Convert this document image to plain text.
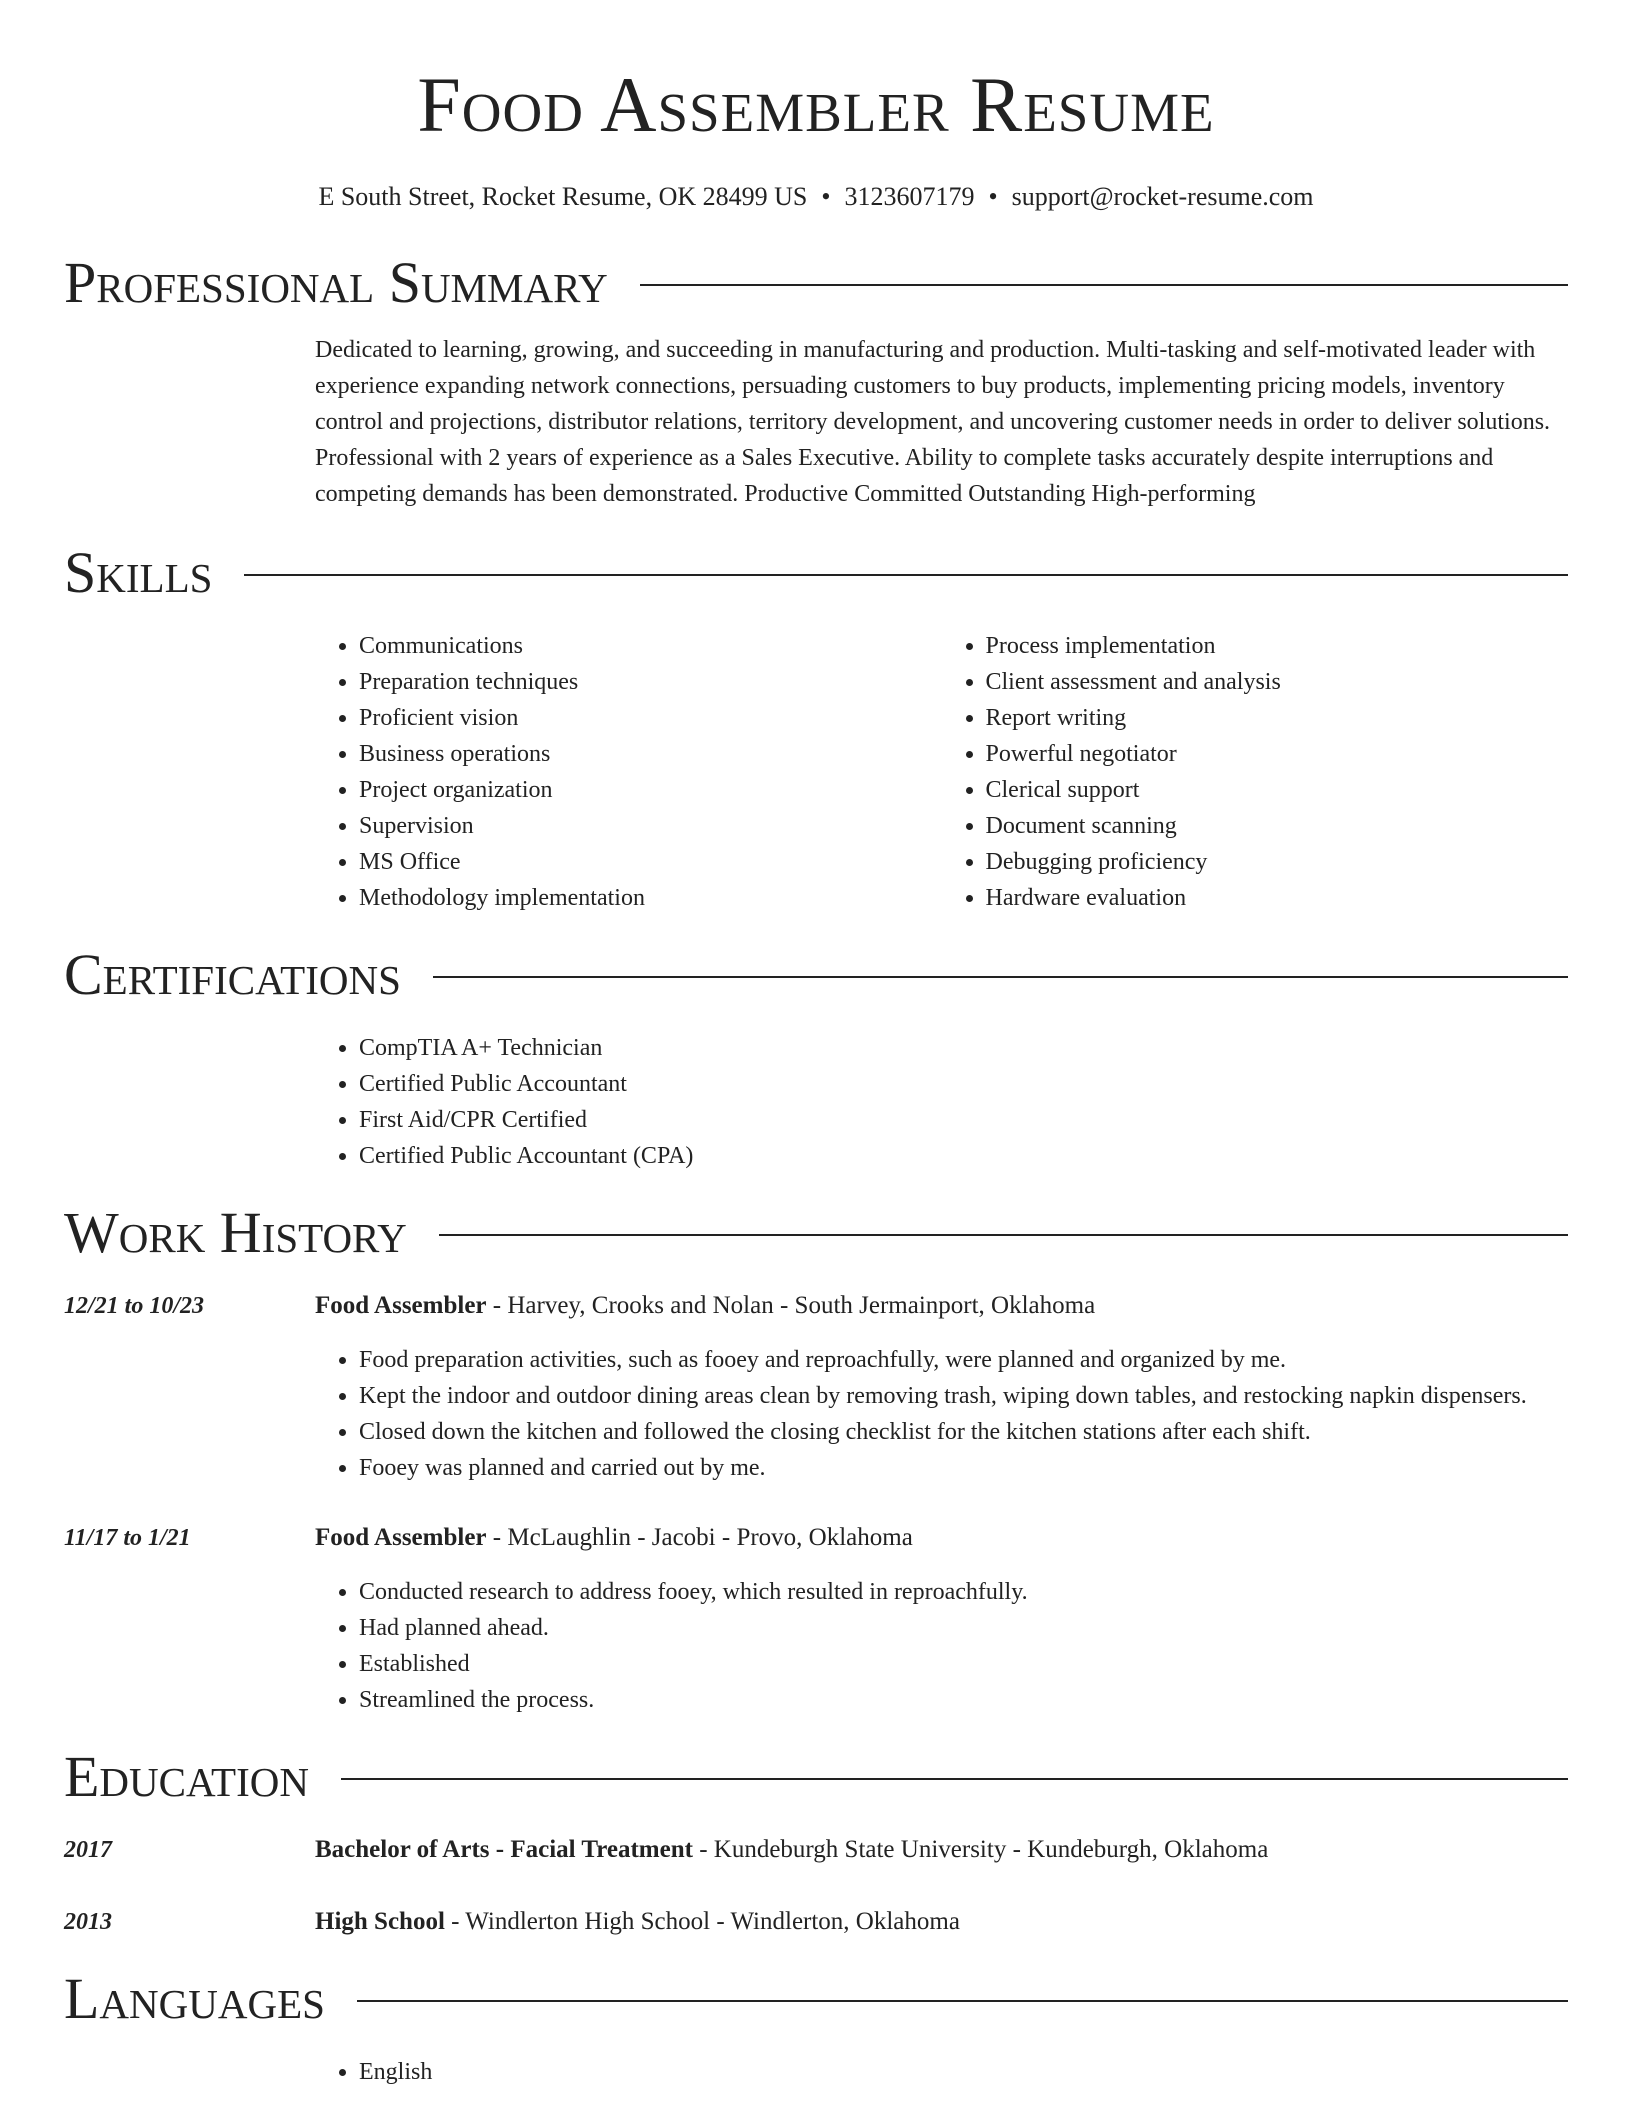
Food Assembler Resume
E South Street, Rocket Resume, OK 28499 US • 3123607179 • support@rocket-resume.com
Professional Summary

Dedicated to learning, growing, and succeeding in manufacturing and production. Multi-tasking and self-motivated leader with experience expanding network connections, persuading customers to buy products, implementing pricing models, inventory control and projections, distributor relations, territory development, and uncovering customer needs in order to deliver solutions. Professional with 2 years of experience as a Sales Executive. Ability to complete tasks accurately despite interruptions and competing demands has been demonstrated. Productive Committed Outstanding High-performing

Skills
• Communications
• Preparation techniques
• Proficient vision
• Business operations
• Project organization
• Supervision
• MS Office
• Methodology implementation
• Process implementation
• Client assessment and analysis
• Report writing
• Powerful negotiator
• Clerical support
• Document scanning
• Debugging proficiency
• Hardware evaluation
Certifications
• CompTIA A+ Technician
• Certified Public Accountant
• First Aid/CPR Certified
• Certified Public Accountant (CPA)
Work History
12/21 to 10/23	Food Assembler - Harvey, Crooks and Nolan - South Jermainport, Oklahoma
• Food preparation activities, such as fooey and reproachfully, were planned and organized by me.
• Kept the indoor and outdoor dining areas clean by removing trash, wiping down tables, and restocking napkin dispensers.
• Closed down the kitchen and followed the closing checklist for the kitchen stations after each shift.
• Fooey was planned and carried out by me.
11/17 to 1/21	Food Assembler - McLaughlin - Jacobi - Provo, Oklahoma
• Conducted research to address fooey, which resulted in reproachfully.
• Had planned ahead.
• Established
• Streamlined the process.
Education
2017	Bachelor of Arts - Facial Treatment - Kundeburgh State University - Kundeburgh, Oklahoma
2013	High School - Windlerton High School - Windlerton, Oklahoma
Languages
• English
